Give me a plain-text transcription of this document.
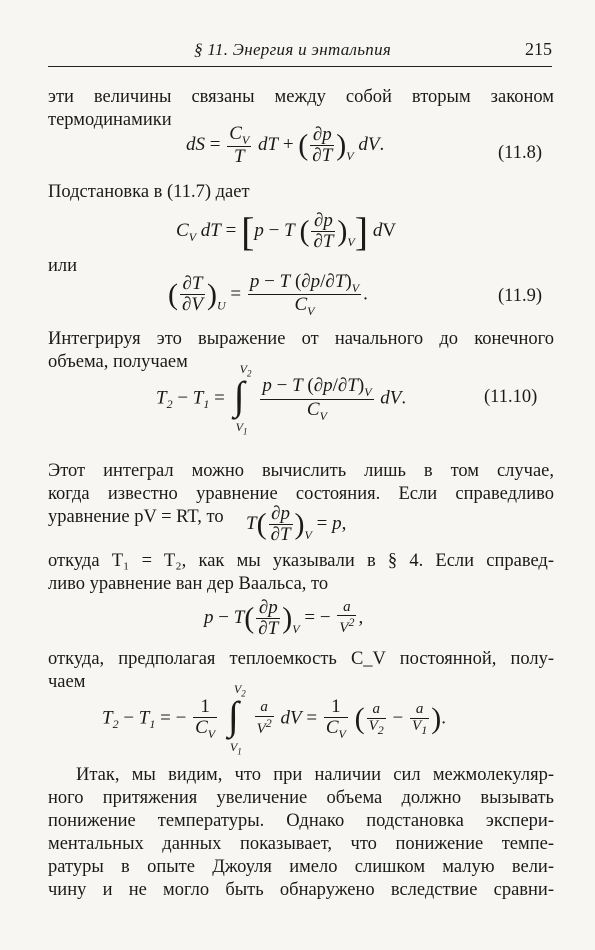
§ 11. Энергия и энтальпия	215
эти величины связаны между собой вторым законом
термодинамики
dS = $\frac{C_V}{T}$ dT + ( $\frac{\partial p}{\partial T} )_V$ dV.	(11.8)
Подстановка в (11.7) дает
$C_V$ dT = [p − T ( $\frac{\partial p}{\partial T} )_V$] dV
или
( $\frac{\partial T}{\partial V} )_U = \frac{p - T (\partial p/\partial T)_V}{C_V}$ .	(11.9)
Интегрируя это выражение от начального до конечного
объема, получаем
$T_2 - T_1$ = ∫
$V_2$
$V_1$

$\frac{p - T (\partial p/\partial T)_V}{C_V}$ dV.	(11.10)
Этот интеграл можно вычислить лишь в том случае,
когда известно уравнение состояния. Если справедливо
уравнение pV = RT, то	$T( \frac{\partial p}{\partial T} )_V = p$,
откуда T₁ = T₂, как мы указывали в § 4. Если справед-
ливо уравнение ван дер Ваальса, то
$p - T( \frac{\partial p}{\partial T} )_V$ = − $\frac{a}{V^2}$ ,
откуда, предполагая теплоемкость C_V постоянной, полу-
чаем
$T_2 - T_1$ = − $\frac{1}{C_V}$
∫
$V_2$
$V_1$

$\frac{a}{V^2}$ dV = $\frac{1}{C_V}$ ( $\frac{a}{V_2} - \frac{a}{V_1}$ ).
Итак, мы видим, что при наличии сил межмолекуляр-
ного притяжения увеличение объема должно вызывать
понижение температуры. Однако подстановка экспери-
ментальных данных показывает, что понижение темпе-
ратуры в опыте Джоуля имело слишком малую вели-
чину и не могло быть обнаружено вследствие сравни-
